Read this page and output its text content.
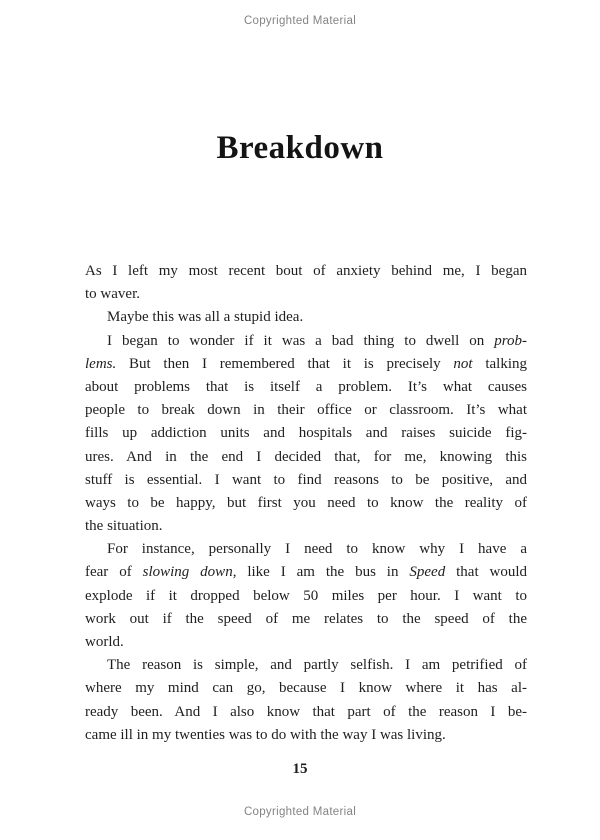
Copyrighted Material
Breakdown
As I left my most recent bout of anxiety behind me, I began
to waver.
Maybe this was all a stupid idea.
I began to wonder if it was a bad thing to dwell on prob-
lems. But then I remembered that it is precisely not talking
about problems that is itself a problem. It’s what causes
people to break down in their office or classroom. It’s what
fills up addiction units and hospitals and raises suicide fig-
ures. And in the end I decided that, for me, knowing this
stuff is essential. I want to find reasons to be positive, and
ways to be happy, but first you need to know the reality of
the situation.
For instance, personally I need to know why I have a
fear of slowing down, like I am the bus in Speed that would
explode if it dropped below 50 miles per hour. I want to
work out if the speed of me relates to the speed of the
world.
The reason is simple, and partly selfish. I am petrified of
where my mind can go, because I know where it has al-
ready been. And I also know that part of the reason I be-
came ill in my twenties was to do with the way I was living.
15
Copyrighted Material
